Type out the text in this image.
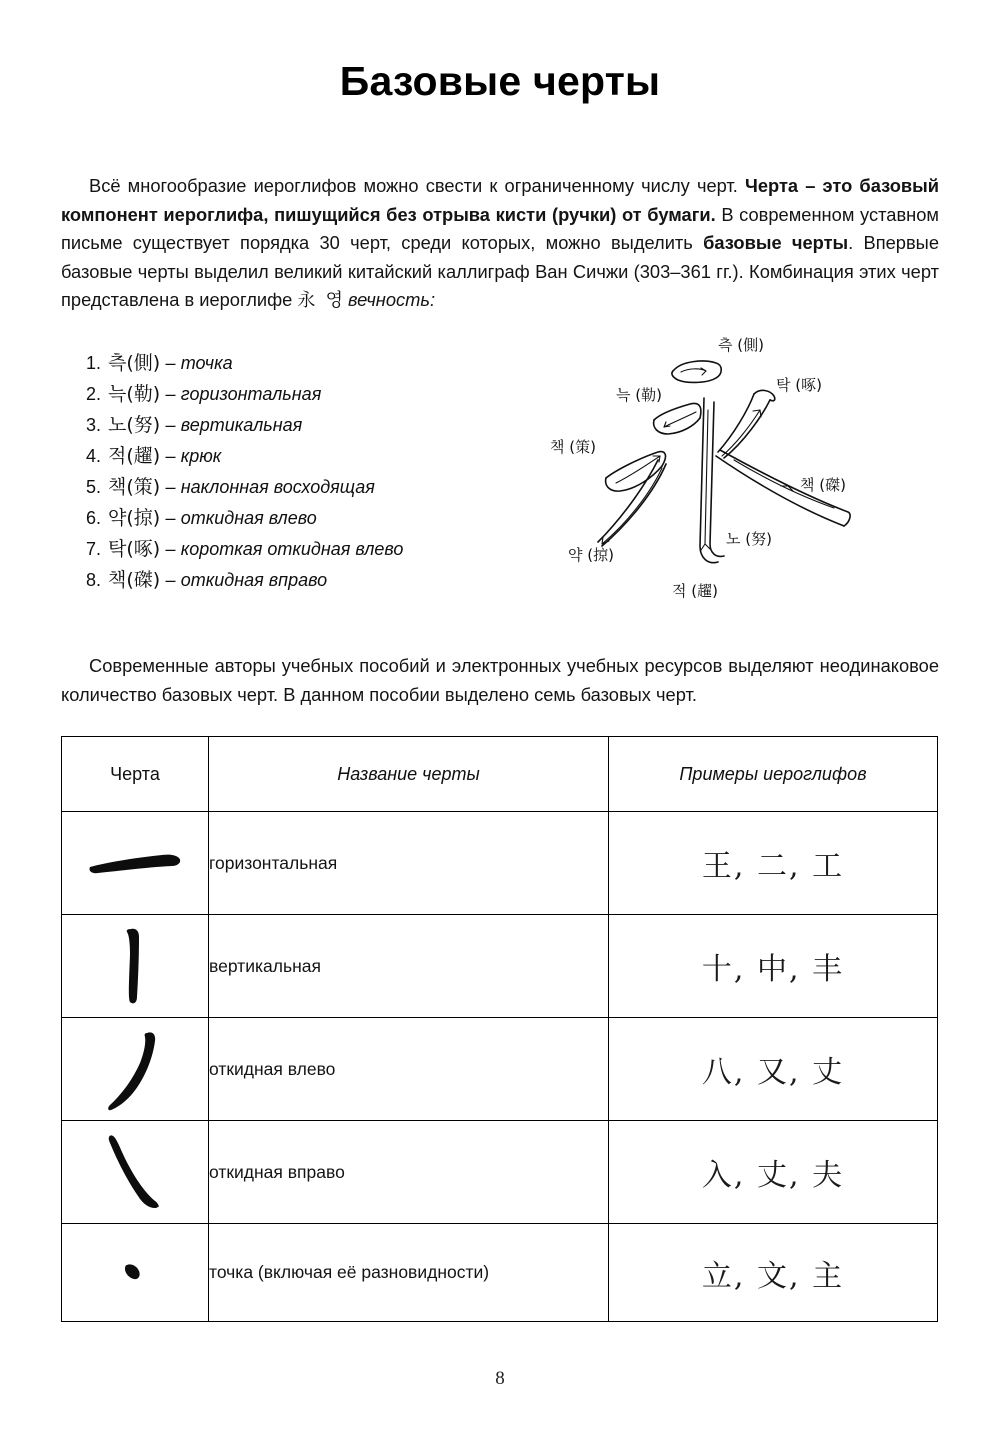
Базовые черты
Всё многообразие иероглифов можно свести к ограниченному числу черт. Черта – это базовый компонент иероглифа, пишущийся без отрыва кисти (ручки) от бумаги. В современном уставном письме существует порядка 30 черт, среди которых, можно выделить базовые черты. Впервые базовые черты выделил великий китайский каллиграф Ван Сичжи (303–361 гг.). Комбинация этих черт представлена в иероглифе 永 영 вечность:
1. 측(側) – точка
2. 늑(勒) – горизонтальная
3. 노(努) – вертикальная
4. 적(趯) – крюк
5. 책(策) – наклонная восходящая
6. 약(掠) – откидная влево
7. 탁(啄) – короткая откидная влево
8. 책(磔) – откидная вправо
측 (側)
늑 (勒)
탁 (啄)
책 (策)
책 (磔)
약 (掠)
노 (努)
적 (趯)
Современные авторы учебных пособий и электронных учебных ресурсов выделяют неодинаковое количество базовых черт. В данном пособии выделено семь базовых черт.
Черта	Название черты	Примеры иероглифов
	горизонтальная	王, 二, 工
	вертикальная	十, 中, 丰
	откидная влево	八, 又, 丈
	откидная вправо	入, 丈, 夫
	точка (включая её разновидности)	立, 文, 主
8
